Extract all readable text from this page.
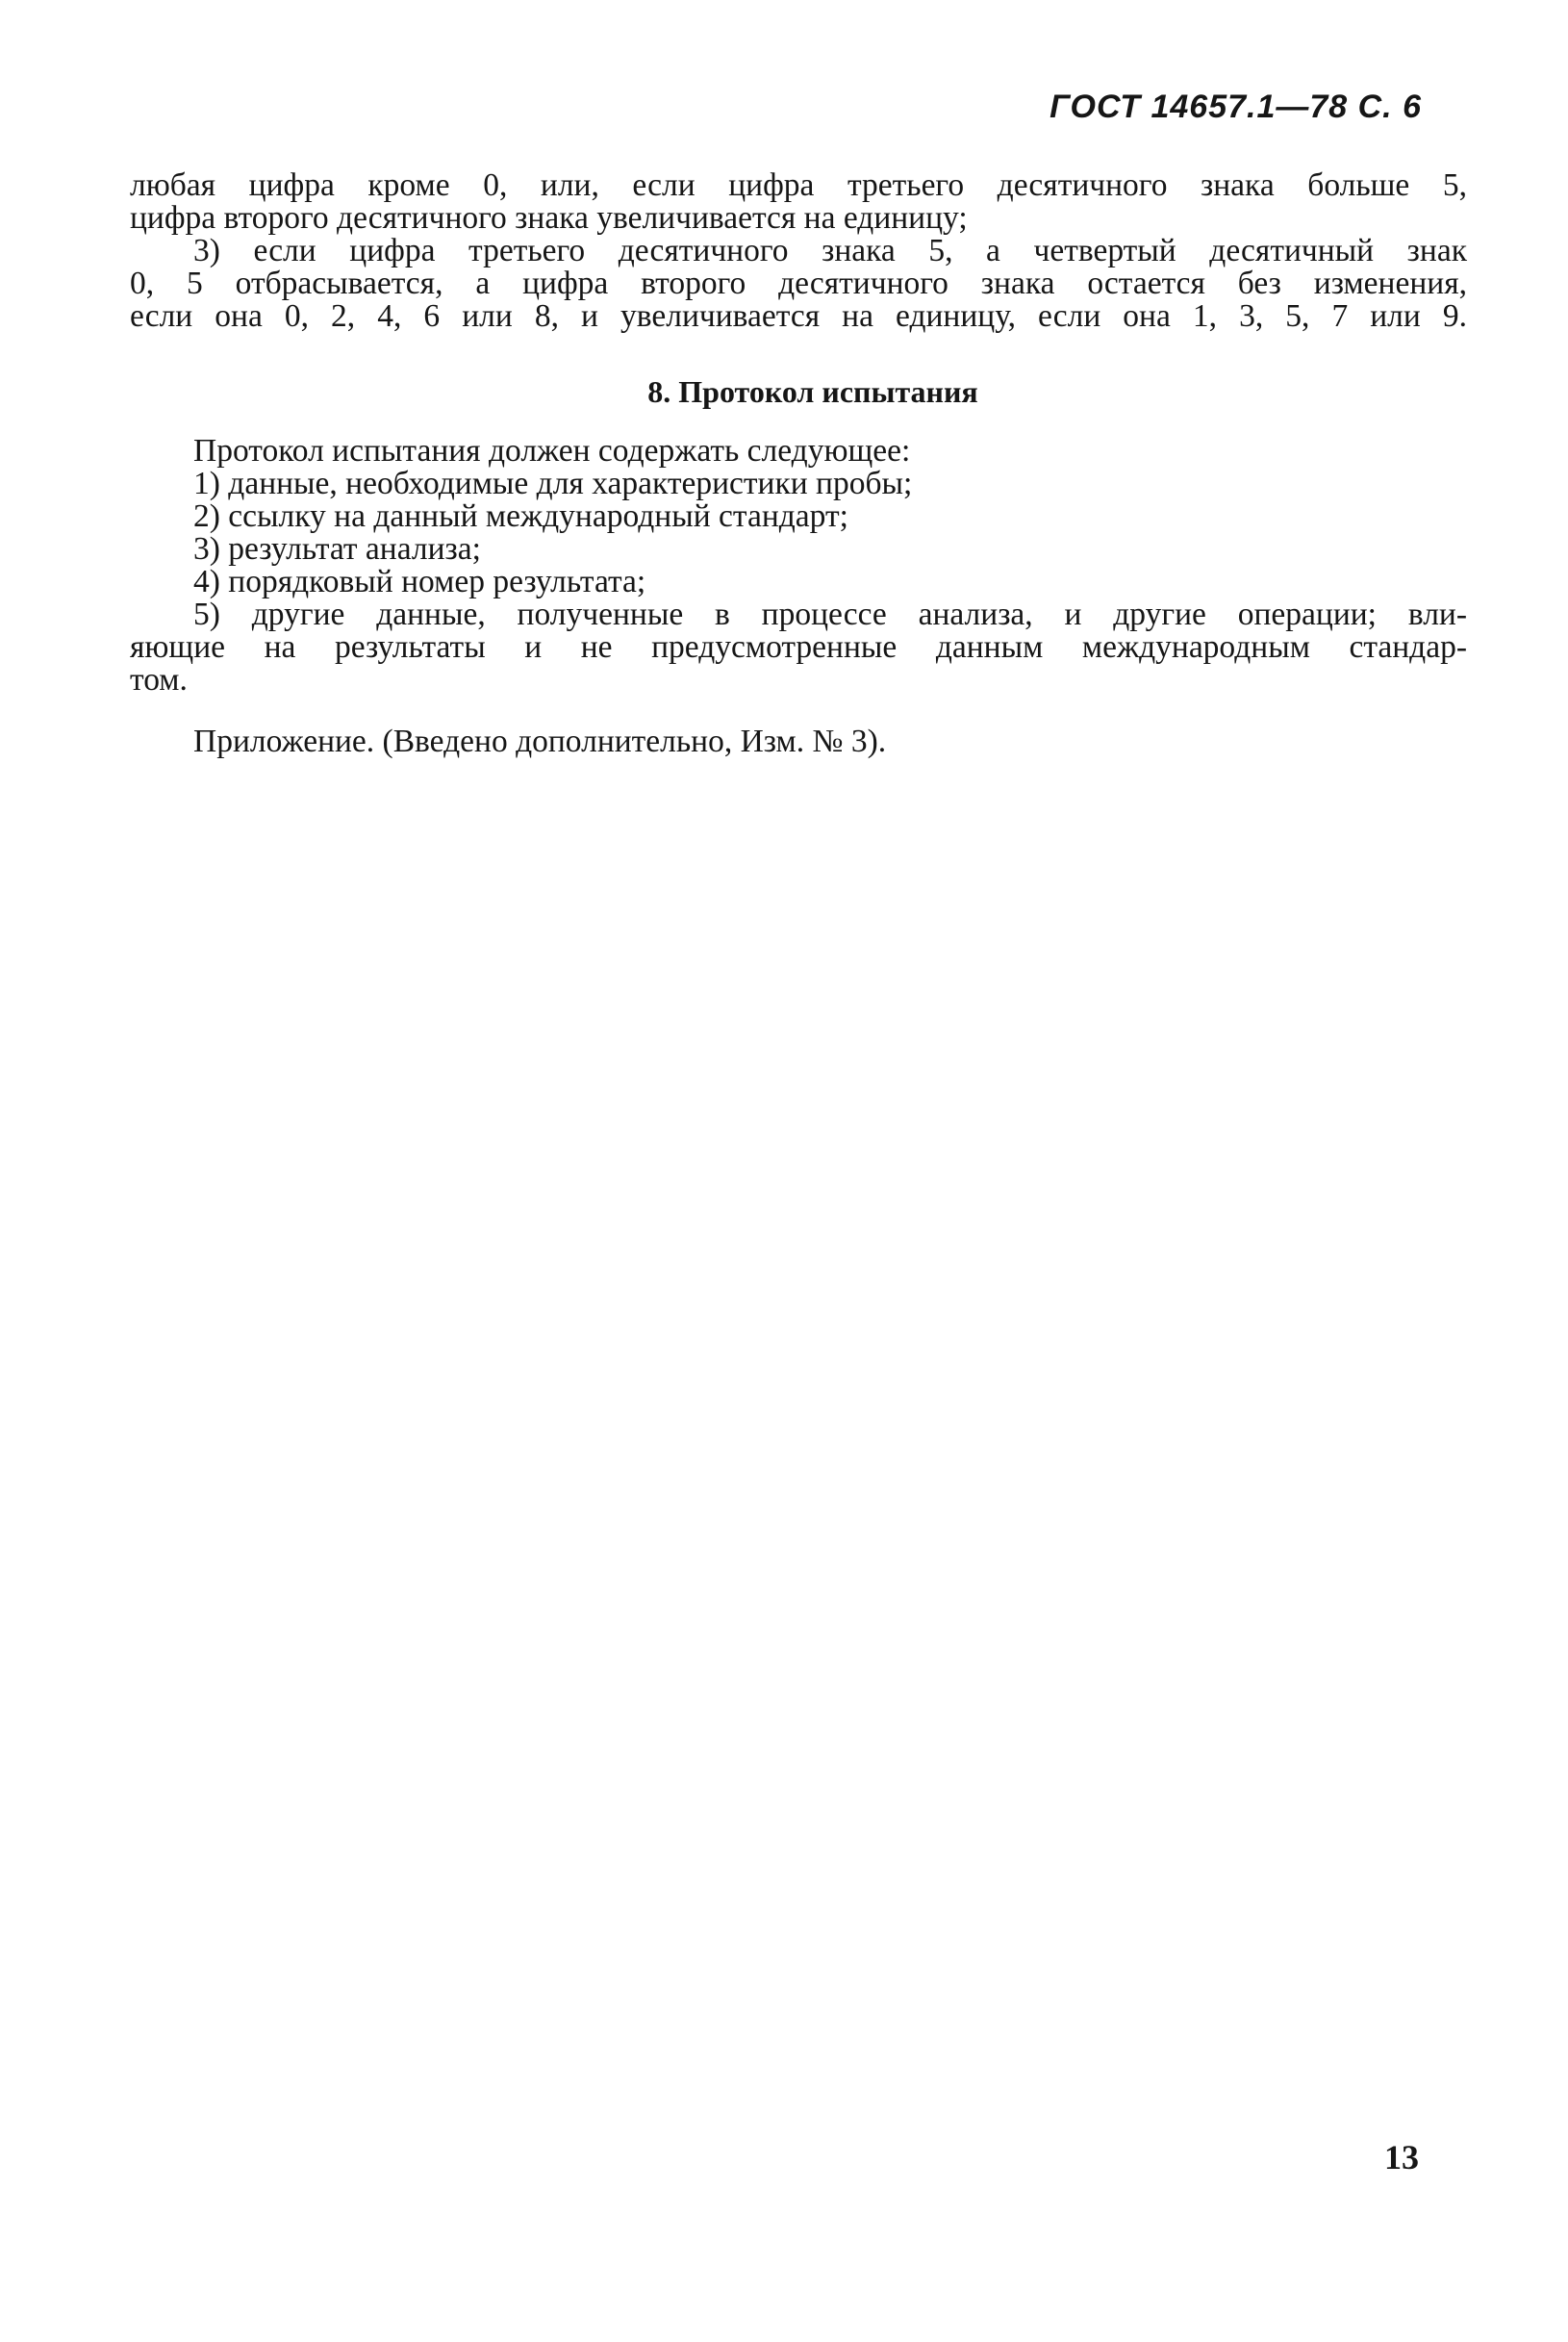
ГОСТ 14657.1—78 С. 6
любая цифра кроме 0, или, если цифра третьего десятичного знака больше 5,
цифра второго десятичного знака увеличивается на единицу;
3) если цифра третьего десятичного знака 5, а четвертый десятичный знак
0, 5 отбрасывается, а цифра второго десятичного знака остается без изменения,
если она 0, 2, 4, 6 или 8, и увеличивается на единицу, если она 1, 3, 5, 7 или 9.
8. Протокол испытания
Протокол испытания должен содержать следующее:
1) данные, необходимые для характеристики пробы;
2) ссылку на данный международный стандарт;
3) результат анализа;
4) порядковый номер результата;
5) другие данные, полученные в процессе анализа, и другие операции; вли-
яющие на результаты и не предусмотренные данным международным стандар-
том.
Приложение. (Введено дополнительно, Изм. № 3).
13
